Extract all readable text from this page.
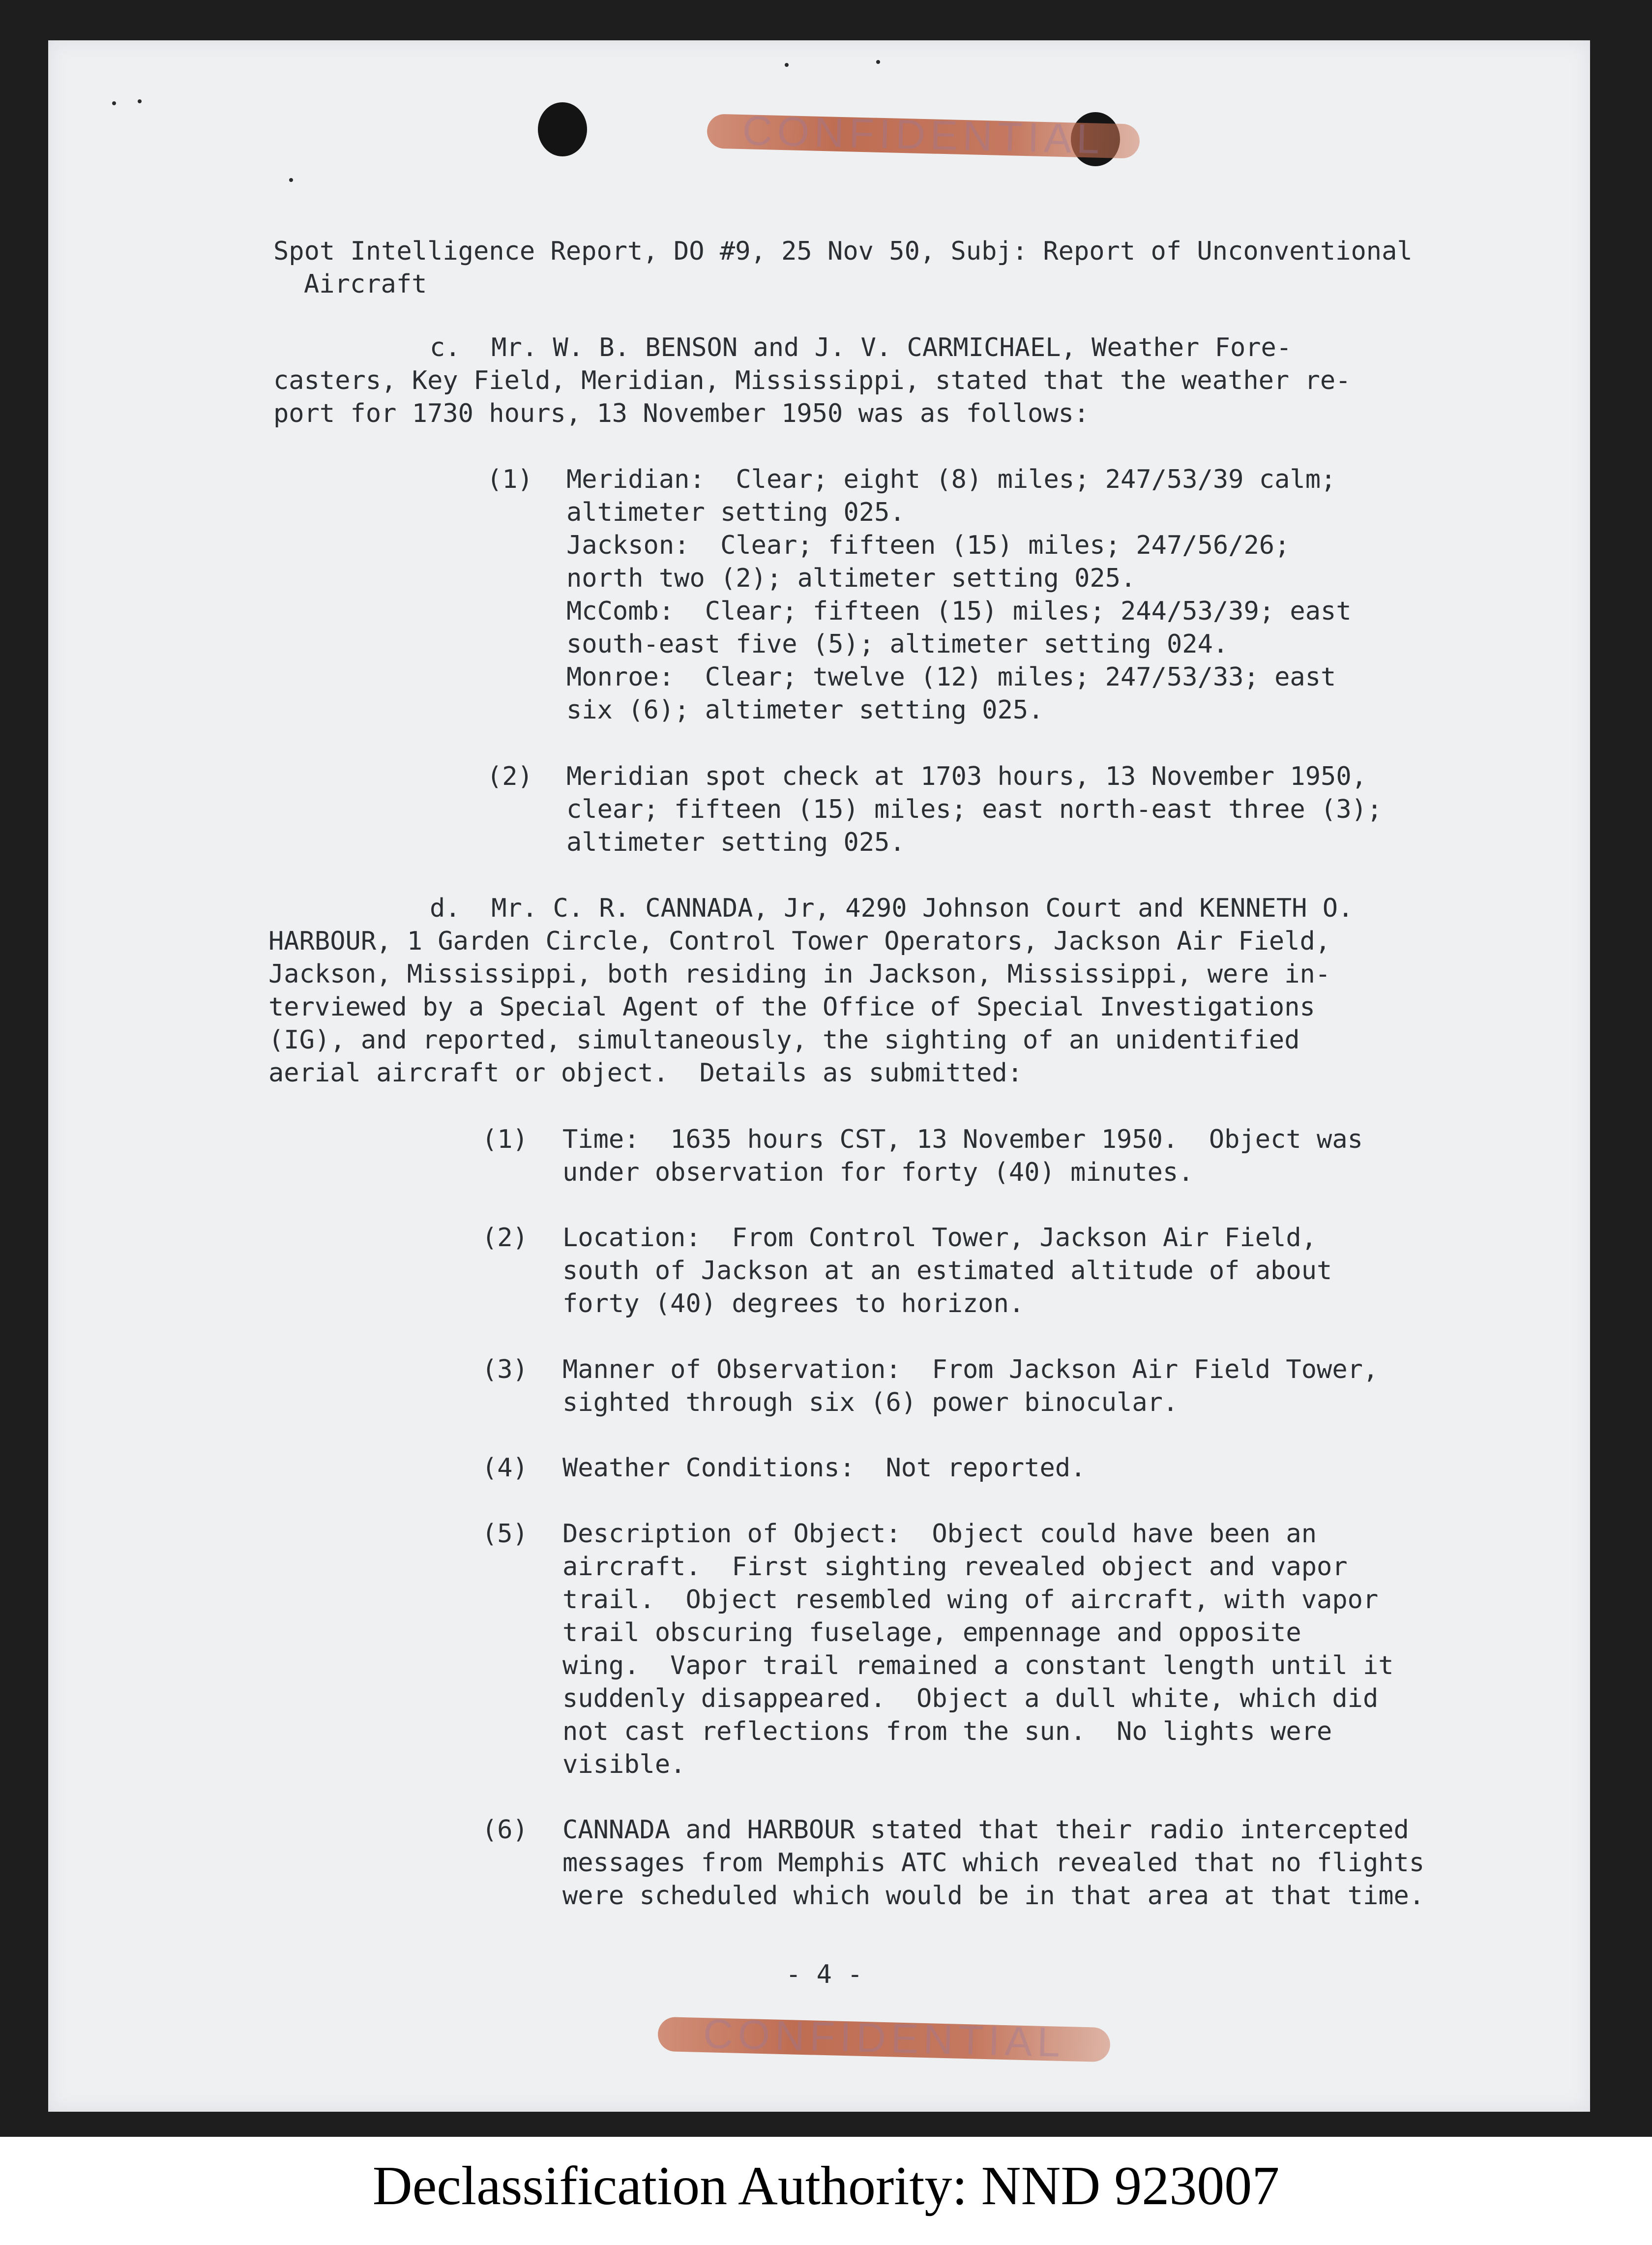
CONFIDENTIAL
CONFIDENTIAL
Spot Intelligence Report, DO #9, 25 Nov 50, Subj: Report of Unconventional
Aircraft
c.  Mr. W. B. BENSON and J. V. CARMICHAEL, Weather Fore-
casters, Key Field, Meridian, Mississippi, stated that the weather re-
port for 1730 hours, 13 November 1950 was as follows:
(1) Meridian:  Clear; eight (8) miles; 247/53/39 calm;
altimeter setting 025.
Jackson:  Clear; fifteen (15) miles; 247/56/26;
north two (2); altimeter setting 025.
McComb:  Clear; fifteen (15) miles; 244/53/39; east
south-east five (5); altimeter setting 024.
Monroe:  Clear; twelve (12) miles; 247/53/33; east
six (6); altimeter setting 025.
(2) Meridian spot check at 1703 hours, 13 November 1950,
clear; fifteen (15) miles; east north-east three (3);
altimeter setting 025.
d.  Mr. C. R. CANNADA, Jr, 4290 Johnson Court and KENNETH O.
HARBOUR, 1 Garden Circle, Control Tower Operators, Jackson Air Field,
Jackson, Mississippi, both residing in Jackson, Mississippi, were in-
terviewed by a Special Agent of the Office of Special Investigations
(IG), and reported, simultaneously, the sighting of an unidentified
aerial aircraft or object.  Details as submitted:
(1) Time:  1635 hours CST, 13 November 1950.  Object was
under observation for forty (40) minutes.
(2) Location:  From Control Tower, Jackson Air Field,
south of Jackson at an estimated altitude of about
forty (40) degrees to horizon.
(3) Manner of Observation:  From Jackson Air Field Tower,
sighted through six (6) power binocular.
(4) Weather Conditions:  Not reported.
(5) Description of Object:  Object could have been an
aircraft.  First sighting revealed object and vapor
trail.  Object resembled wing of aircraft, with vapor
trail obscuring fuselage, empennage and opposite
wing.  Vapor trail remained a constant length until it
suddenly disappeared.  Object a dull white, which did
not cast reflections from the sun.  No lights were
visible.
(6) CANNADA and HARBOUR stated that their radio intercepted
messages from Memphis ATC which revealed that no flights
were scheduled which would be in that area at that time.
- 4 -
Declassification Authority: NND 923007
